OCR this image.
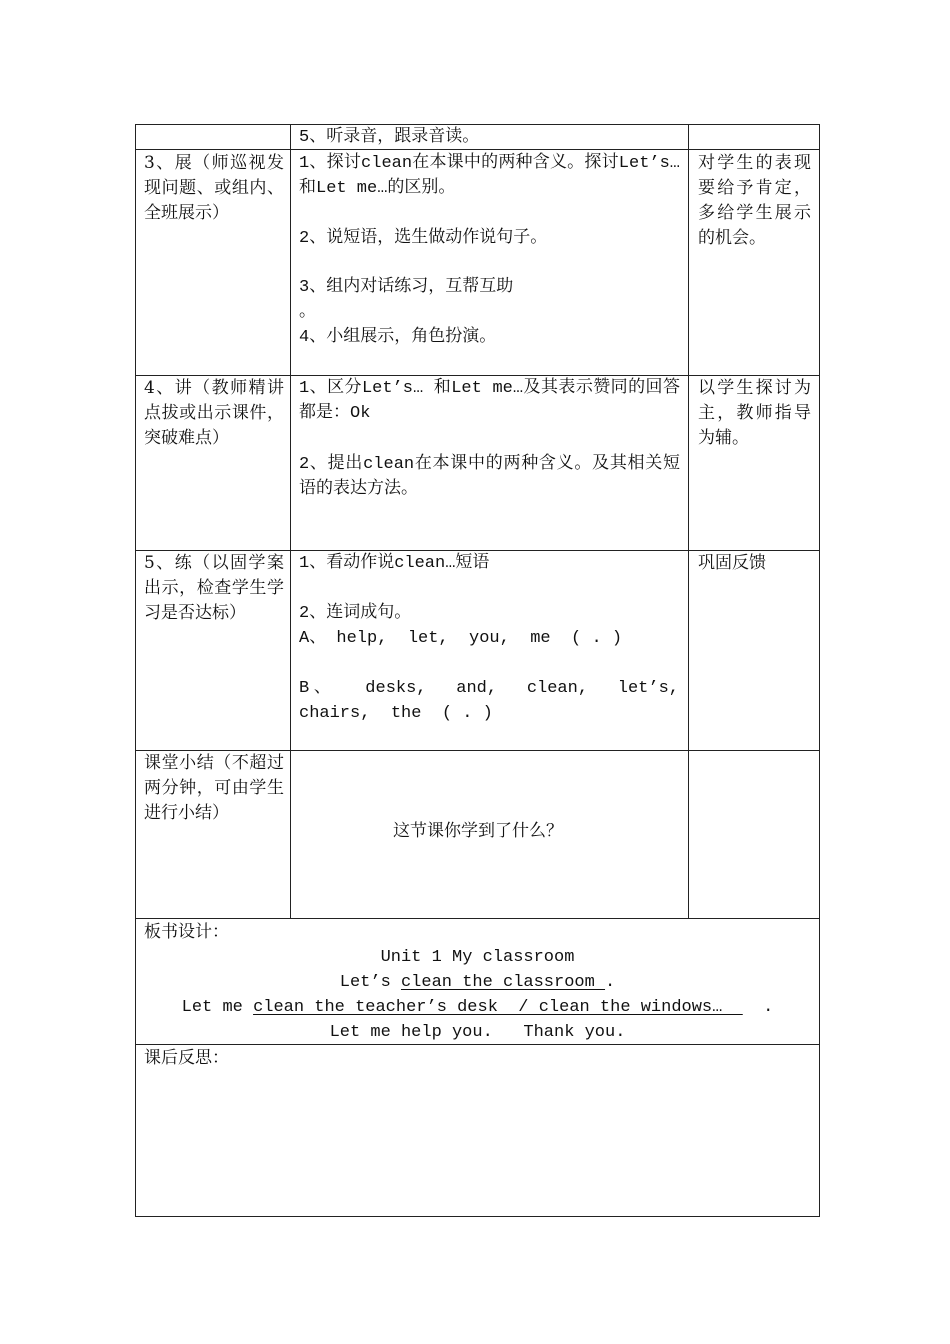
5、听录音，跟录音读。
3、展（师巡视发现问题、或组内、全班展示）
1、探讨clean在本课中的两种含义。探讨Let’s… 和Let me…的区别。
2、说短语，选生做动作说句子。
3、组内对话练习，互帮互助
。
4、小组展示，角色扮演。
对学生的表现要给予肯定，多给学生展示的机会。
4、讲（教师精讲点拔或出示课件，突破难点）
1、区分Let’s… 和Let me…及其表示赞同的回答都是：Ok
2、提出clean在本课中的两种含义。及其相关短语的表达方法。
以学生探讨为主，教师指导为辅。
5、练（以固学案出示，检查学生学习是否达标）
1、看动作说clean…短语
2、连词成句。
A、 help,  let,  you,  me  ( . )
B、  desks,  and,  clean,  let’s,
chairs,  the  ( . )
巩固反馈
课堂小结（不超过两分钟，可由学生进行小结）
这节课你学到了什么？
板书设计：
Unit 1 My classroom
Let’s clean the classroom .
Let me clean the teacher’s desk  / clean the windows…    .
Let me help you.   Thank you.
课后反思：
